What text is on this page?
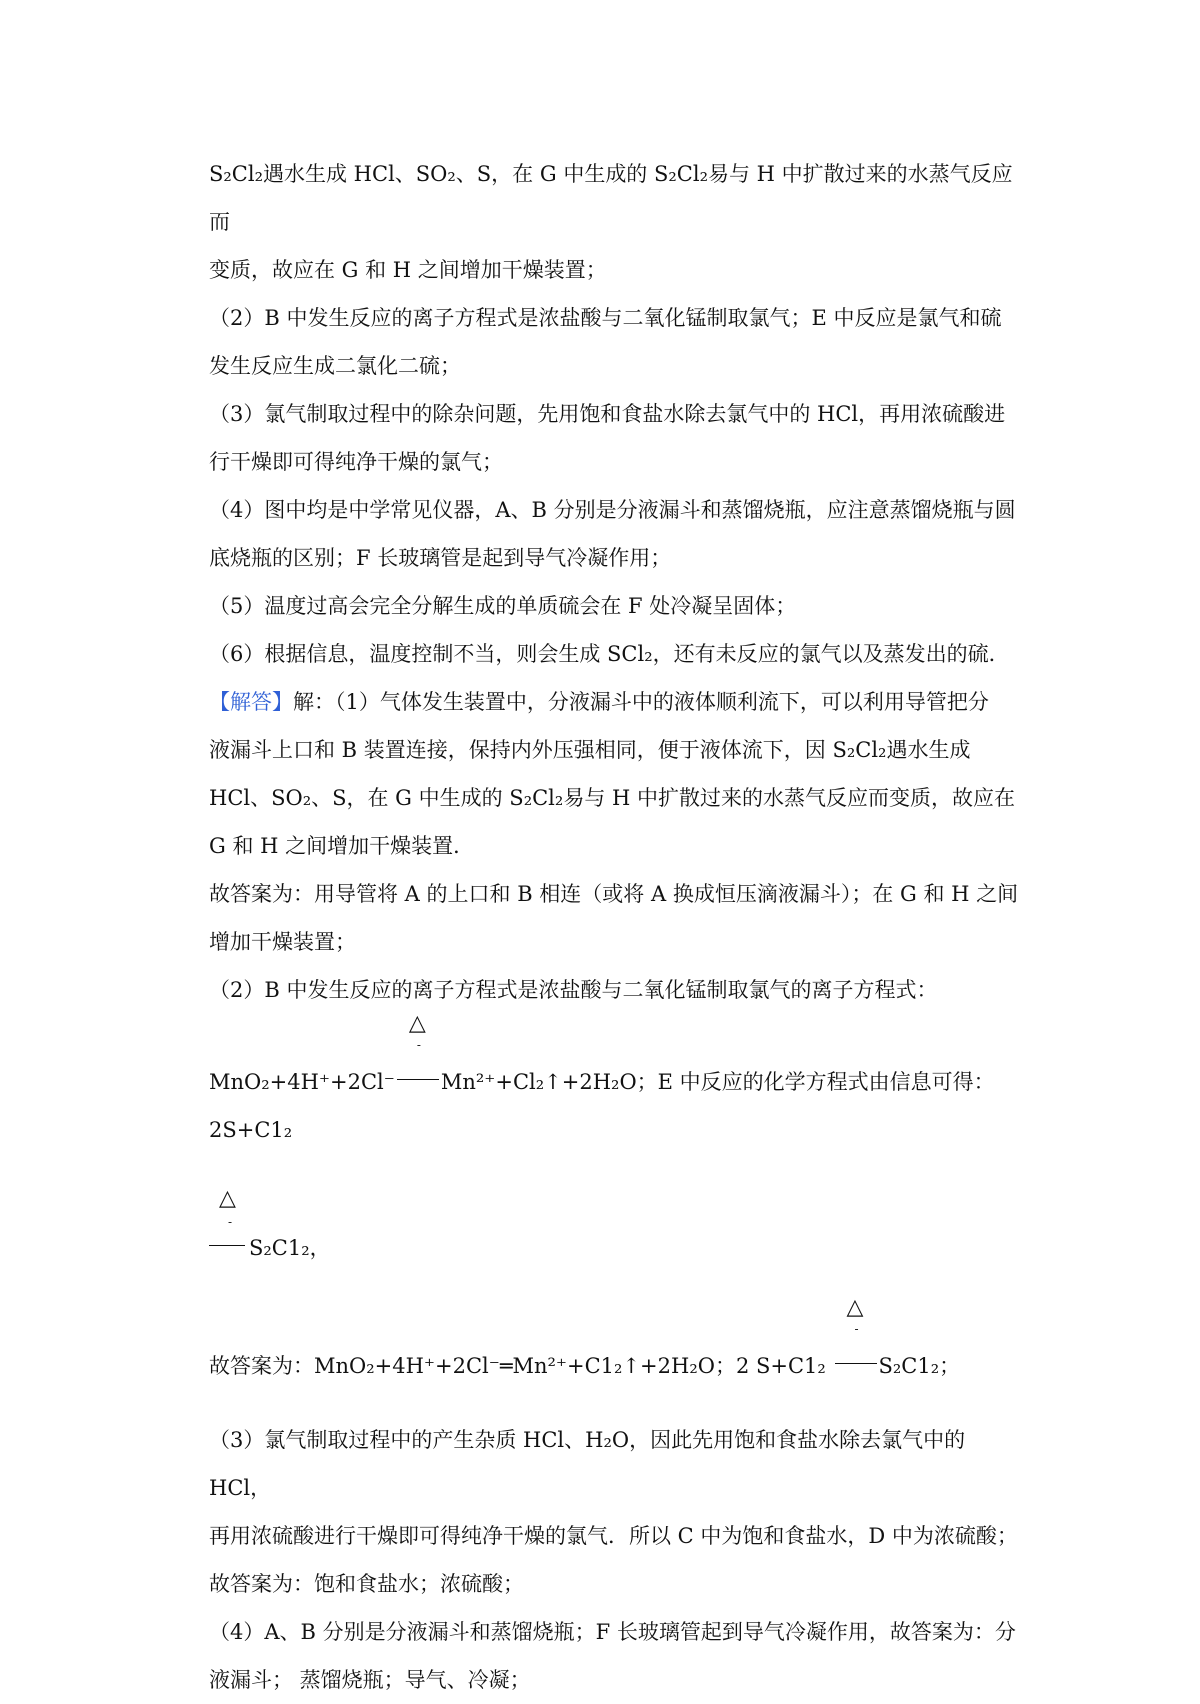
S₂Cl₂遇水生成 HCl、SO₂、S，在 G 中生成的 S₂Cl₂易与 H 中扩散过来的水蒸气反应而

变质，故应在 G 和 H 之间增加干燥装置；

（2）B 中发生反应的离子方程式是浓盐酸与二氧化锰制取氯气；E 中反应是氯气和硫

发生反应生成二氯化二硫；

（3）氯气制取过程中的除杂问题，先用饱和食盐水除去氯气中的 HCl，再用浓硫酸进

行干燥即可得纯净干燥的氯气；

（4）图中均是中学常见仪器，A、B 分别是分液漏斗和蒸馏烧瓶，应注意蒸馏烧瓶与圆

底烧瓶的区别；F 长玻璃管是起到导气冷凝作用；

（5）温度过高会完全分解生成的单质硫会在 F 处冷凝呈固体；

（6）根据信息，温度控制不当，则会生成 SCl₂，还有未反应的氯气以及蒸发出的硫．

【解答】解：（1）气体发生装置中，分液漏斗中的液体顺利流下，可以利用导管把分

液漏斗上口和 B 装置连接，保持内外压强相同，便于液体流下，因 S₂Cl₂遇水生成

HCl、SO₂、S，在 G 中生成的 S₂Cl₂易与 H 中扩散过来的水蒸气反应而变质，故应在

G 和 H 之间增加干燥装置．

故答案为：用导管将 A 的上口和 B 相连（或将 A 换成恒压滴液漏斗）；在 G 和 H 之间

增加干燥装置；

（2）B 中发生反应的离子方程式是浓盐酸与二氧化锰制取氯气的离子方程式：

MnO₂+4H⁺+2Cl⁻
△
-
Mn²⁺+Cl₂↑+2H₂O；E 中反应的化学方程式由信息可得：2S+C1₂

△
-

S₂C1₂，

故答案为：MnO₂+4H⁺+2Cl⁻═Mn²⁺+C1₂↑+2H₂O；2 S+C1₂
△
-
S₂C1₂；

（3）氯气制取过程中的产生杂质 HCl、H₂O，因此先用饱和食盐水除去氯气中的 HCl，

再用浓硫酸进行干燥即可得纯净干燥的氯气．所以 C 中为饱和食盐水，D 中为浓硫酸；

故答案为：饱和食盐水；浓硫酸；

（4）A、B 分别是分液漏斗和蒸馏烧瓶；F 长玻璃管起到导气冷凝作用，故答案为：分

液漏斗； 蒸馏烧瓶；导气、冷凝；
